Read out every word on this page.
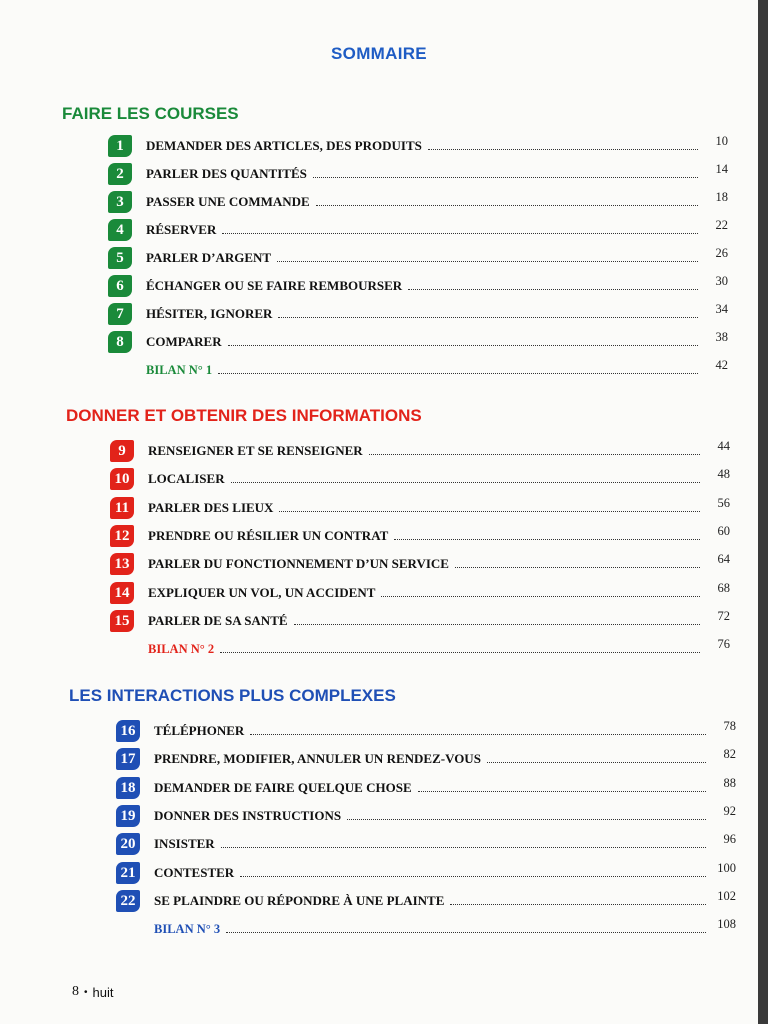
SOMMAIRE
FAIRE LES COURSES
1	DEMANDER DES ARTICLES, DES PRODUITS	10
2	PARLER DES QUANTITÉS	14
3	PASSER UNE COMMANDE	18
4	RÉSERVER	22
5	PARLER D’ARGENT	26
6	ÉCHANGER OU SE FAIRE REMBOURSER	30
7	HÉSITER, IGNORER	34
8	COMPARER	38
BILAN N° 1	42
DONNER ET OBTENIR DES INFORMATIONS
9	RENSEIGNER ET SE RENSEIGNER	44
10	LOCALISER	48
11	PARLER DES LIEUX	56
12	PRENDRE OU RÉSILIER UN CONTRAT	60
13	PARLER DU FONCTIONNEMENT D’UN SERVICE	64
14	EXPLIQUER UN VOL, UN ACCIDENT	68
15	PARLER DE SA SANTÉ	72
BILAN N° 2	76
LES INTERACTIONS PLUS COMPLEXES
16	TÉLÉPHONER	78
17	PRENDRE, MODIFIER, ANNULER UN RENDEZ-VOUS	82
18	DEMANDER DE FAIRE QUELQUE CHOSE	88
19	DONNER DES INSTRUCTIONS	92
20	INSISTER	96
21	CONTESTER	100
22	SE PLAINDRE OU RÉPONDRE À UNE PLAINTE	102
BILAN N° 3	108
8 • huit
